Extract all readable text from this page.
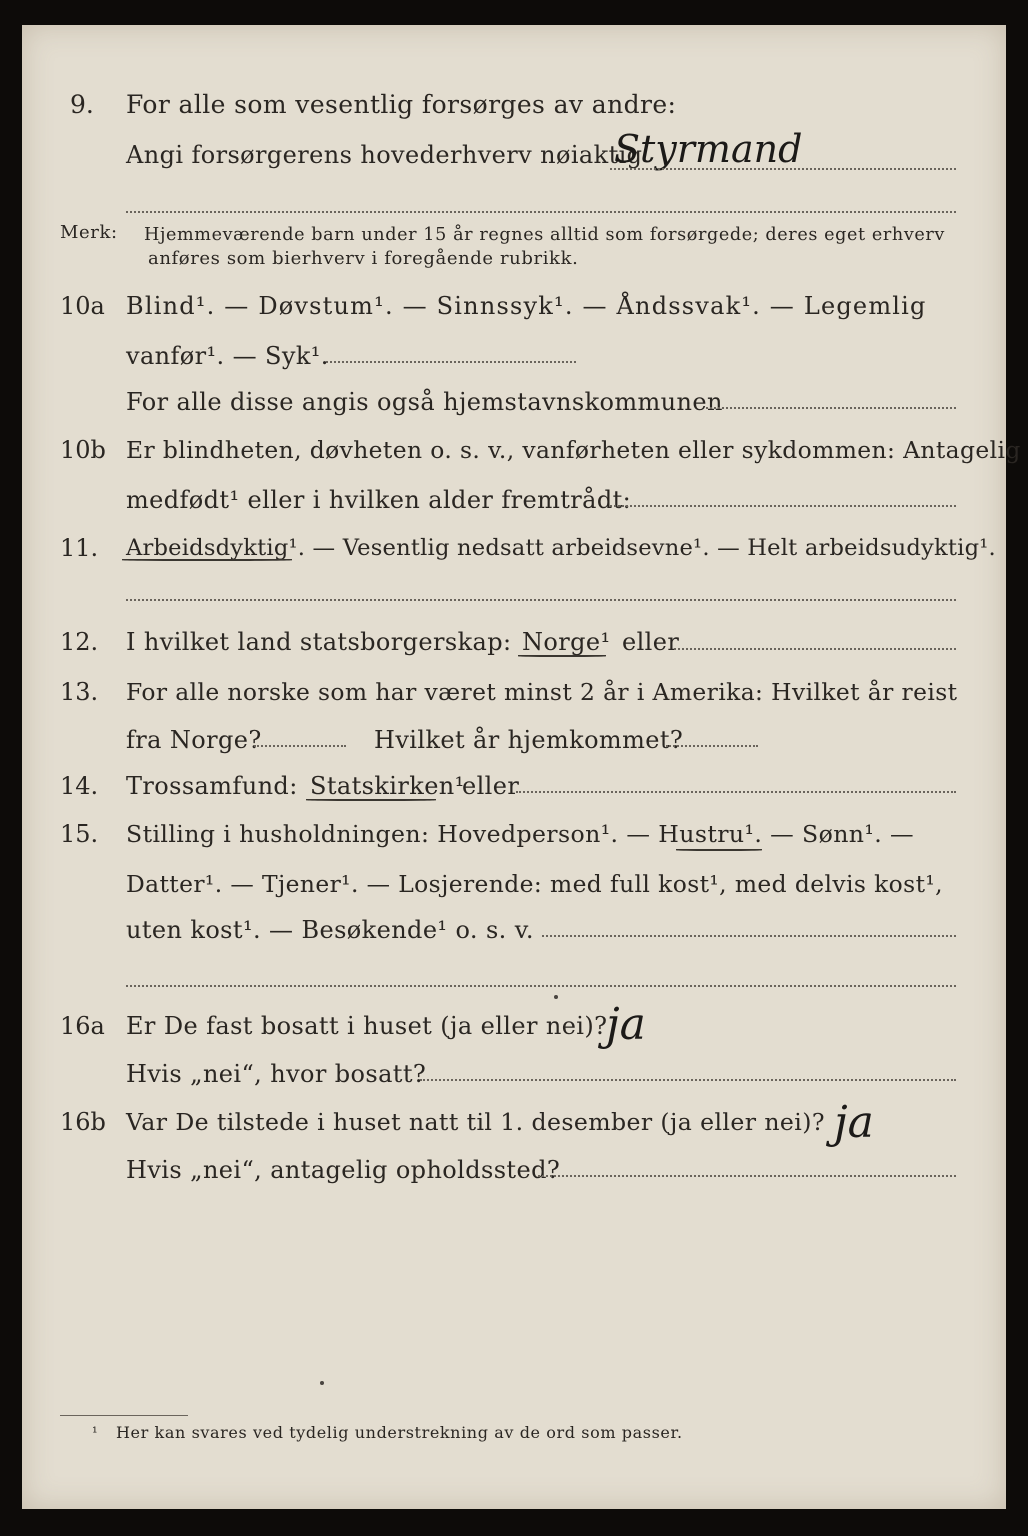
9. For alle som vesentlig forsørges av andre:
Angi forsørgerens hovederhverv nøiaktig
Styrmand
Merk: Hjemmeværende barn under 15 år regnes alltid som forsørgede; deres eget erhverv
anføres som bierhverv i foregående rubrikk.
10a Blind¹. — Døvstum¹. — Sinnssyk¹. — Åndssvak¹. — Legemlig
vanfør¹. — Syk¹.
For alle disse angis også hjemstavnskommunen
10b Er blindheten, døvheten o. s. v., vanførheten eller sykdommen: Antagelig
medfødt¹ eller i hvilken alder fremtrådt:
11. Arbeidsdyktig¹. — Vesentlig nedsatt arbeidsevne¹. — Helt arbeidsudyktig¹.
12. I hvilket land statsborgerskap: Norge¹ eller
13. For alle norske som har været minst 2 år i Amerika: Hvilket år reist
fra Norge?	Hvilket år hjemkommet?
14. Trossamfund: Statskirken¹
eller
15. Stilling i husholdningen: Hovedperson¹. — Hustru¹. — Sønn¹. —
Datter¹. — Tjener¹. — Losjerende: med full kost¹, med delvis kost¹,
uten kost¹. — Besøkende¹ o. s. v.
16a Er De fast bosatt i huset (ja eller nei)?
ja
Hvis „nei“, hvor bosatt?
16b Var De tilstede i huset natt til 1. desember (ja eller nei)? ja
Hvis „nei“, antagelig opholdssted?
¹ Her kan svares ved tydelig understrekning av de ord som passer.
